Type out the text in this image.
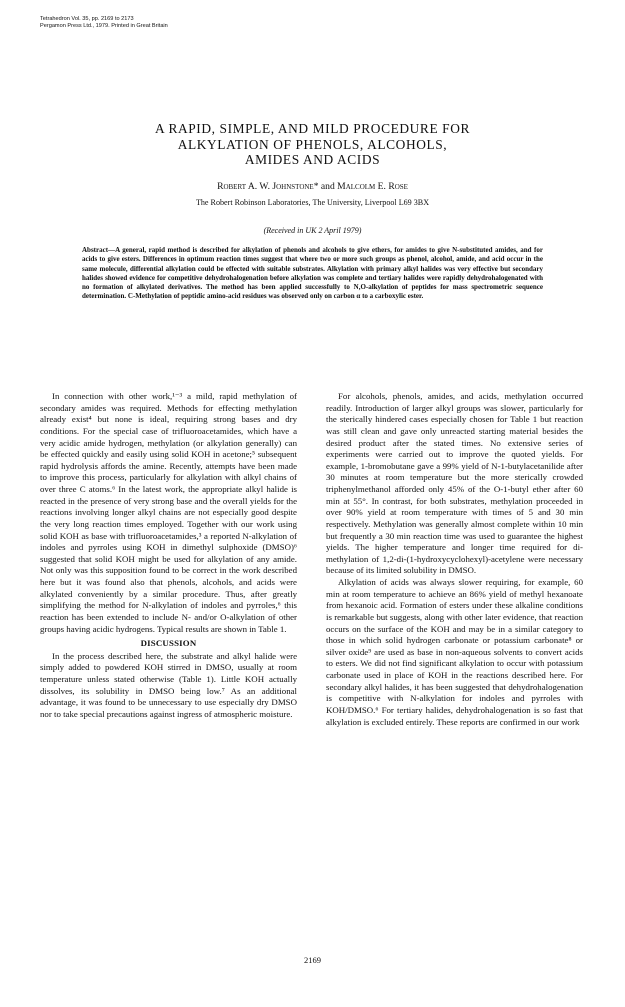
Tetrahedron Vol. 35, pp. 2169 to 2173
Pergamon Press Ltd., 1979. Printed in Great Britain
A RAPID, SIMPLE, AND MILD PROCEDURE FOR
ALKYLATION OF PHENOLS, ALCOHOLS,
AMIDES AND ACIDS
Robert A. W. Johnstone* and Malcolm E. Rose
The Robert Robinson Laboratories, The University, Liverpool L69 3BX
(Received in UK 2 April 1979)
Abstract—A general, rapid method is described for alkylation of phenols and alcohols to give ethers, for amides to give N-substituted amides, and for acids to give esters. Differences in optimum reaction times suggest that where two or more such groups as phenol, alcohol, amide, and acid occur in the same molecule, differential alkylation could be effected with suitable substrates. Alkylation with primary alkyl halides was very effective but secondary halides showed evidence for competitive dehydrohalogenation before alkylation was complete and tertiary halides were rapidly dehydrohalogenated with no formation of alkylated derivatives. The method has been applied successfully to N,O-alkylation of peptides for mass spectrometric sequence determination. C-Methylation of peptidic amino-acid residues was observed only on carbon α to a carboxylic ester.

In connection with other work,¹⁻³ a mild, rapid methylation of secondary amides was required. Methods for effecting methylation already exist⁴ but none is ideal, requiring strong bases and dry conditions. For the special case of trifluoroacetamides, which have a very acidic amide hydrogen, methylation (or alkylation generally) can be effected quickly and easily using solid KOH in acetone;⁵ subsequent rapid hydrolysis affords the amine. Recently, attempts have been made to improve this process, particularly for alkylation with alkyl chains of over three C atoms.⁶ In the latest work, the appropriate alkyl halide is reacted in the presence of very strong base and the overall yields for the reactions involving longer alkyl chains are not especially good despite the very long reaction times employed. Together with our work using solid KOH as base with trifluoroacetamides,³ a reported N-alkylation of indoles and pyrroles using KOH in dimethyl sulphoxide (DMSO)⁶ suggested that solid KOH might be used for alkylation of any amide. Not only was this supposition found to be correct in the work described here but it was found also that phenols, alcohols, and acids were alkylated conveniently by a similar procedure. Thus, after greatly simplifying the method for N-alkylation of indoles and pyrroles,⁶ this reaction has been extended to include N- and/or O-alkylation of other groups having acidic hydrogens. Typical results are shown in Table 1.

DISCUSSION

In the process described here, the substrate and alkyl halide were simply added to powdered KOH stirred in DMSO, usually at room temperature unless stated otherwise (Table 1). Little KOH actually dissolves, its solubility in DMSO being low.⁷ As an additional advantage, it was found to be unnecessary to use especially dry DMSO nor to take special precautions against ingress of atmospheric moisture.

For alcohols, phenols, amides, and acids, methylation occurred readily. Introduction of larger alkyl groups was slower, particularly for the sterically hindered cases especially chosen for Table 1 but reaction was still clean and gave only unreacted starting material besides the desired product after the stated times. No extensive series of experiments were carried out to improve the quoted yields. For example, 1-bromobutane gave a 99% yield of N-1-butylacetanilide after 30 minutes at room temperature but the more sterically crowded triphenylmethanol afforded only 45% of the O-1-butyl ether after 60 min at 55°. In contrast, for both substrates, methylation proceeded in over 90% yield at room temperature with times of 5 and 30 min respectively. Methylation was generally almost complete within 10 min but frequently a 30 min reaction time was used to guarantee the highest yields. The higher temperature and longer time required for di-methylation of 1,2-di-(1-hydroxycyclohexyl)-acetylene were necessary because of its limited solubility in DMSO.

Alkylation of acids was always slower requiring, for example, 60 min at room temperature to achieve an 86% yield of methyl hexanoate from hexanoic acid. Formation of esters under these alkaline conditions is remarkable but suggests, along with other later evidence, that reaction occurs on the surface of the KOH and may be in a similar category to those in which solid hydrogen carbonate or potassium carbonate⁸ or silver oxide⁹ are used as base in non-aqueous solvents to convert acids to esters. We did not find significant alkylation to occur with potassium carbonate used in place of KOH in the reactions described here. For secondary alkyl halides, it has been suggested that dehydrohalogenation is competitive with N-alkylation for indoles and pyrroles with KOH/DMSO.⁶ For tertiary halides, dehydrohalogenation is so fast that alkylation is excluded entirely. These reports are confirmed in our work

2169
